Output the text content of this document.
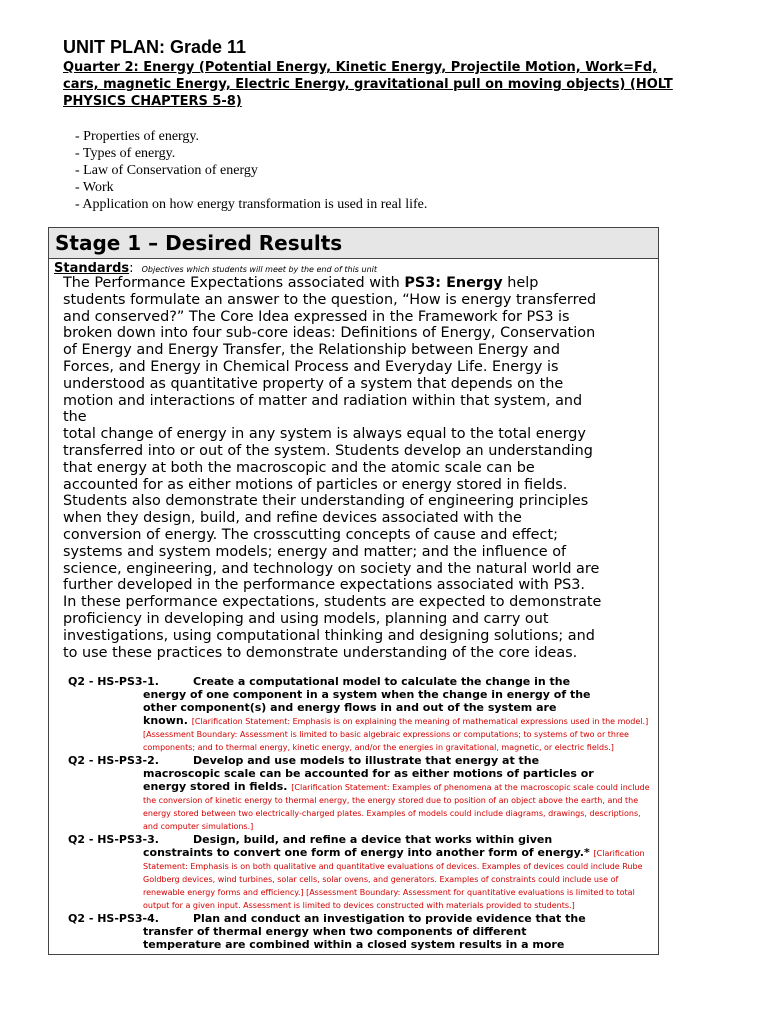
UNIT PLAN: Grade 11

Quarter 2: Energy (Potential Energy, Kinetic Energy, Projectile Motion, Work=Fd, cars, magnetic Energy, Electric Energy, gravitational pull on moving objects) (HOLT PHYSICS CHAPTERS 5-8)

- Properties of energy.
- Types of energy.
- Law of Conservation of energy
- Work
- Application on how energy transformation is used in real life.
Stage 1 – Desired Results
Standards: Objectives which students will meet by the end of this unit

The Performance Expectations associated with PS3: Energy help
students formulate an answer to the question, “How is energy transferred
and conserved?” The Core Idea expressed in the Framework for PS3 is
broken down into four sub-core ideas: Definitions of Energy, Conservation
of Energy and Energy Transfer, the Relationship between Energy and
Forces, and Energy in Chemical Process and Everyday Life. Energy is
understood as quantitative property of a system that depends on the
motion and interactions of matter and radiation within that system, and
the
total change of energy in any system is always equal to the total energy
transferred into or out of the system. Students develop an understanding
that energy at both the macroscopic and the atomic scale can be
accounted for as either motions of particles or energy stored in fields.
Students also demonstrate their understanding of engineering principles
when they design, build, and refine devices associated with the
conversion of energy. The crosscutting concepts of cause and effect;
systems and system models; energy and matter; and the influence of
science, engineering, and technology on society and the natural world are
further developed in the performance expectations associated with PS3.
In these performance expectations, students are expected to demonstrate
proficiency in developing and using models, planning and carry out
investigations, using computational thinking and designing solutions; and
to use these practices to demonstrate understanding of the core ideas.

Q2 - HS-PS3-1.	Create a computational model to calculate the change in the
energy of one component in a system when the change in energy of the
other component(s) and energy flows in and out of the system are
known. [Clarification Statement: Emphasis is on explaining the meaning of mathematical expressions used in the model.] [Assessment Boundary: Assessment is limited to basic algebraic expressions or computations; to systems of two or three components; and to thermal energy, kinetic energy, and/or the energies in gravitational, magnetic, or electric fields.]
Q2 - HS-PS3-2.	Develop and use models to illustrate that energy at the
macroscopic scale can be accounted for as either motions of particles or
energy stored in fields. [Clarification Statement: Examples of phenomena at the macroscopic scale could include the conversion of kinetic energy to thermal energy, the energy stored due to position of an object above the earth, and the energy stored between two electrically-charged plates. Examples of models could include diagrams, drawings, descriptions, and computer simulations.]
Q2 - HS-PS3-3.	Design, build, and refine a device that works within given
constraints to convert one form of energy into another form of energy.* [Clarification Statement: Emphasis is on both qualitative and quantitative evaluations of devices. Examples of devices could include Rube Goldberg devices, wind turbines, solar cells, solar ovens, and generators. Examples of constraints could include use of renewable energy forms and efficiency.] [Assessment Boundary: Assessment for quantitative evaluations is limited to total output for a given input. Assessment is limited to devices constructed with materials provided to students.]
Q2 - HS-PS3-4.	Plan and conduct an investigation to provide evidence that the
transfer of thermal energy when two components of different
temperature are combined within a closed system results in a more
